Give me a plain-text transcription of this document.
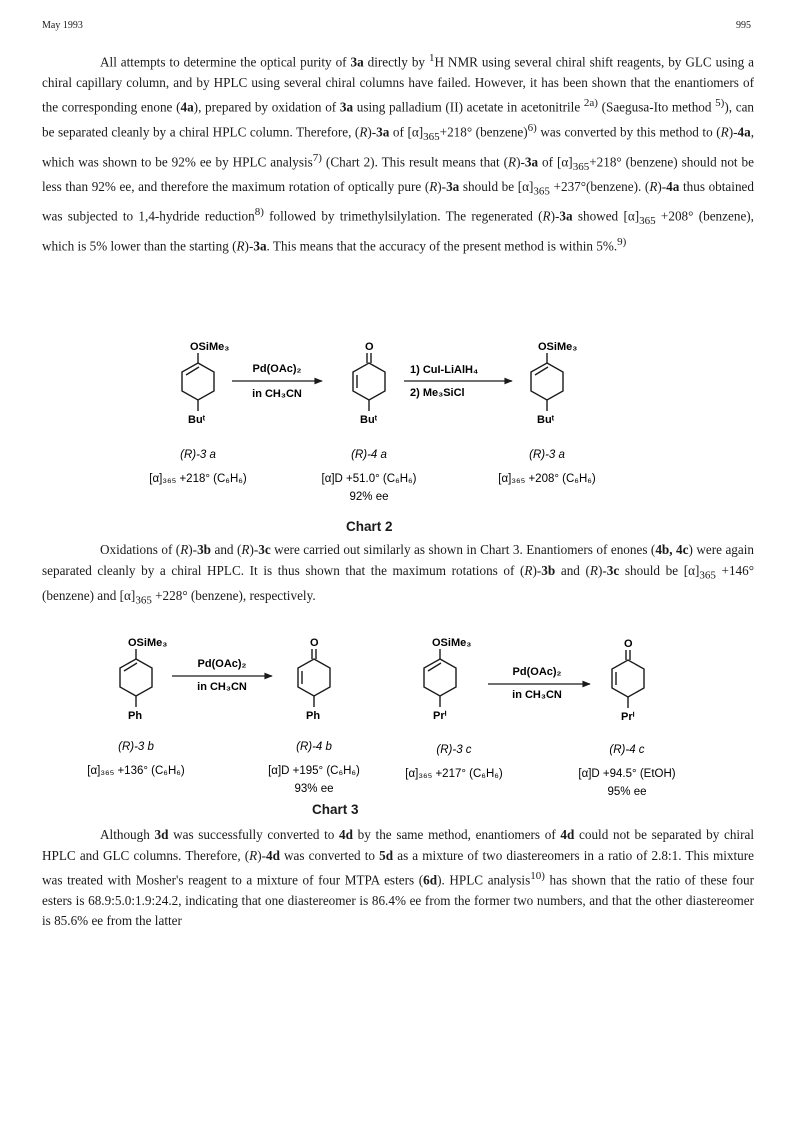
May 1993	995

All attempts to determine the optical purity of 3a directly by $^1$H NMR using several chiral shift reagents, by GLC using a chiral capillary column, and by HPLC using several chiral columns have failed. However, it has been shown that the enantiomers of the corresponding enone (4a), prepared by oxidation of 3a using palladium (II) acetate in acetonitrile $^{2a)}$ (Saegusa-Ito method $^{5)}$), can be separated cleanly by a chiral HPLC column. Therefore, (R)-3a of $[\alpha]_{365}+218^\circ$ (benzene)$^{6)}$ was converted by this method to (R)-4a, which was shown to be 92% ee by HPLC analysis$^{7)}$ (Chart 2). This result means that (R)-3a of $[\alpha]_{365}+218^\circ$ (benzene) should not be less than 92% ee, and therefore the maximum rotation of optically pure (R)-3a should be $[\alpha]_{365}$ +237°(benzene). (R)-4a thus obtained was subjected to 1,4-hydride reduction$^{8)}$ followed by trimethylsilylation. The regenerated (R)-3a showed $[\alpha]_{365} +208^\circ$ (benzene), which is 5% lower than the starting (R)-3a. This means that the accuracy of the present method is within 5%.$^{9)}$

OSiMe₃
Buᵗ
Pd(OAc)₂
in CH₃CN
O
Buᵗ
1) CuI-LiAlH₄
2) Me₃SiCl
OSiMe₃
Buᵗ
(R)-3 a
[α]₃₆₅ +218° (C₆H₆)
(R)-4 a
[α]D +51.0° (C₆H₆)
92% ee
(R)-3 a
[α]₃₆₅ +208° (C₆H₆)
Chart 2

Oxidations of (R)-3b and (R)-3c were carried out similarly as shown in Chart 3. Enantiomers of enones (4b, 4c) were again separated cleanly by a chiral HPLC. It is thus shown that the maximum rotations of (R)-3b and (R)-3c should be $[\alpha]_{365} +146^\circ$ (benzene) and $[\alpha]_{365} +228^\circ$ (benzene), respectively.

OSiMe₃
Ph
Pd(OAc)₂
in CH₃CN
O
Ph
OSiMe₃
Prⁱ
Pd(OAc)₂
in CH₃CN
O
Prⁱ
(R)-3 b
[α]₃₆₅ +136° (C₆H₆)
(R)-4 b
[α]D +195° (C₆H₆)
93% ee
(R)-3 c
[α]₃₆₅ +217° (C₆H₆)
(R)-4 c
[α]D +94.5° (EtOH)
95% ee
Chart 3

Although 3d was successfully converted to 4d by the same method, enantiomers of 4d could not be separated by chiral HPLC and GLC columns. Therefore, (R)-4d was converted to 5d as a mixture of two diastereomers in a ratio of 2.8:1. This mixture was treated with Mosher's reagent to a mixture of four MTPA esters (6d). HPLC analysis$^{10)}$ has shown that the ratio of these four esters is 68.9:5.0:1.9:24.2, indicating that one diastereomer is 86.4% ee from the former two numbers, and that the other diastereomer is 85.6% ee from the latter
